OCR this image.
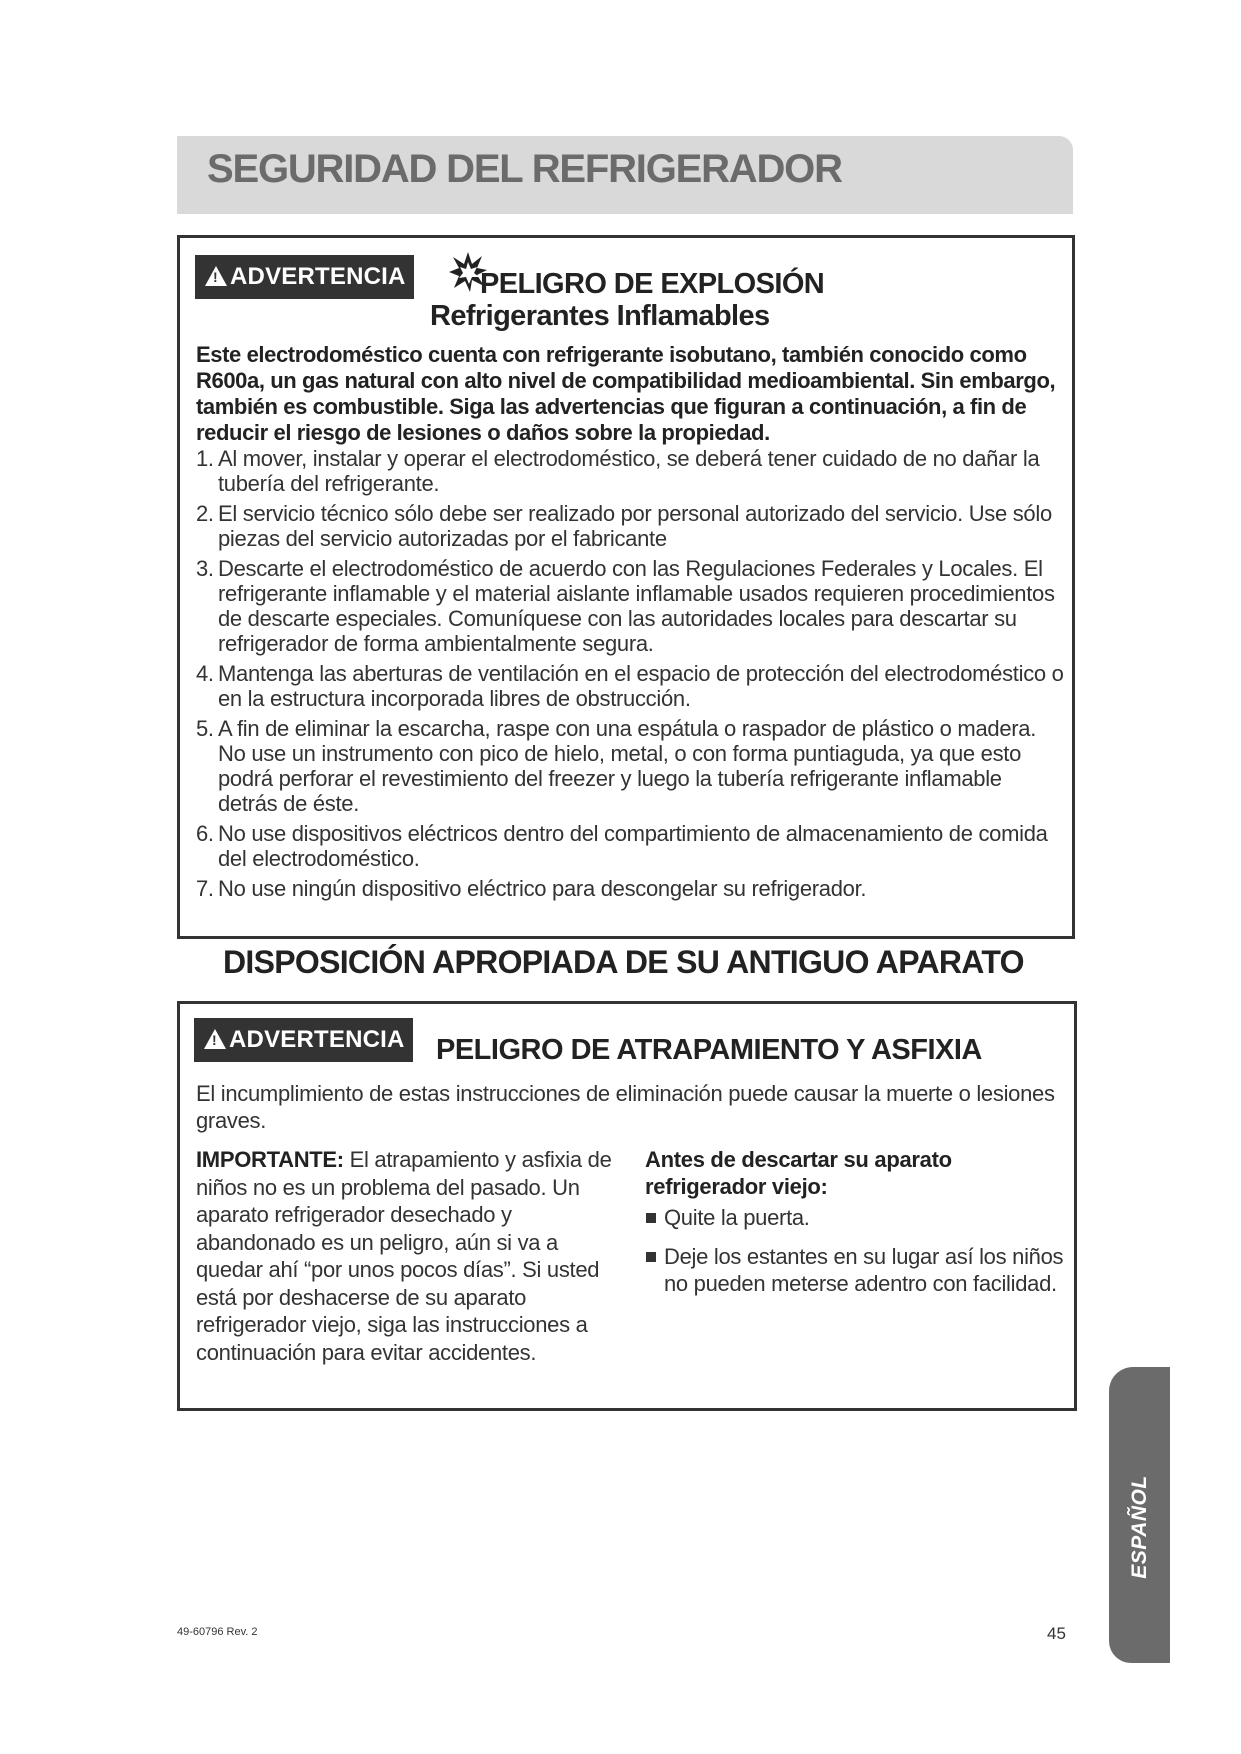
SEGURIDAD DEL REFRIGERADOR
!ADVERTENCIA	PELIGRO DE EXPLOSIÓN
Refrigerantes Inflamables

Este electrodoméstico cuenta con refrigerante isobutano, también conocido como R600a, un gas natural con alto nivel de compatibilidad medioambiental. Sin embargo, también es combustible. Siga las advertencias que figuran a continuación, a fin de reducir el riesgo de lesiones o daños sobre la propiedad.

1. Al mover, instalar y operar el electrodoméstico, se deberá tener cuidado de no dañar la tubería del refrigerante.
2. El servicio técnico sólo debe ser realizado por personal autorizado del servicio. Use sólo piezas del servicio autorizadas por el fabricante
3. Descarte el electrodoméstico de acuerdo con las Regulaciones Federales y Locales. El refrigerante inflamable y el material aislante inflamable usados requieren procedimientos de descarte especiales. Comuníquese con las autoridades locales para descartar su refrigerador de forma ambientalmente segura.
4. Mantenga las aberturas de ventilación en el espacio de protección del electrodoméstico o en la estructura incorporada libres de obstrucción.
5. A fin de eliminar la escarcha, raspe con una espátula o raspador de plástico o madera. No use un instrumento con pico de hielo, metal, o con forma puntiaguda, ya que esto podrá perforar el revestimiento del freezer y luego la tubería refrigerante inflamable detrás de éste.
6. No use dispositivos eléctricos dentro del compartimiento de almacenamiento de comida del electrodoméstico.
7. No use ningún dispositivo eléctrico para descongelar su refrigerador.
DISPOSICIÓN APROPIADA DE SU ANTIGUO APARATO
!ADVERTENCIA PELIGRO DE ATRAPAMIENTO Y ASFIXIA

El incumplimiento de estas instrucciones de eliminación puede causar la muerte o lesiones graves.

IMPORTANTE: El atrapamiento y asfixia de niños no es un problema del pasado. Un aparato refrigerador desechado y abandonado es un peligro, aún si va a quedar ahí “por unos pocos días”. Si usted está por deshacerse de su aparato refrigerador viejo, siga las instrucciones a continuación para evitar accidentes.

Antes de descartar su aparato refrigerador viejo:
Quite la puerta.
Deje los estantes en su lugar así los niños no pueden meterse adentro con facilidad.
ESPAÑOL
49-60796 Rev. 2	45
